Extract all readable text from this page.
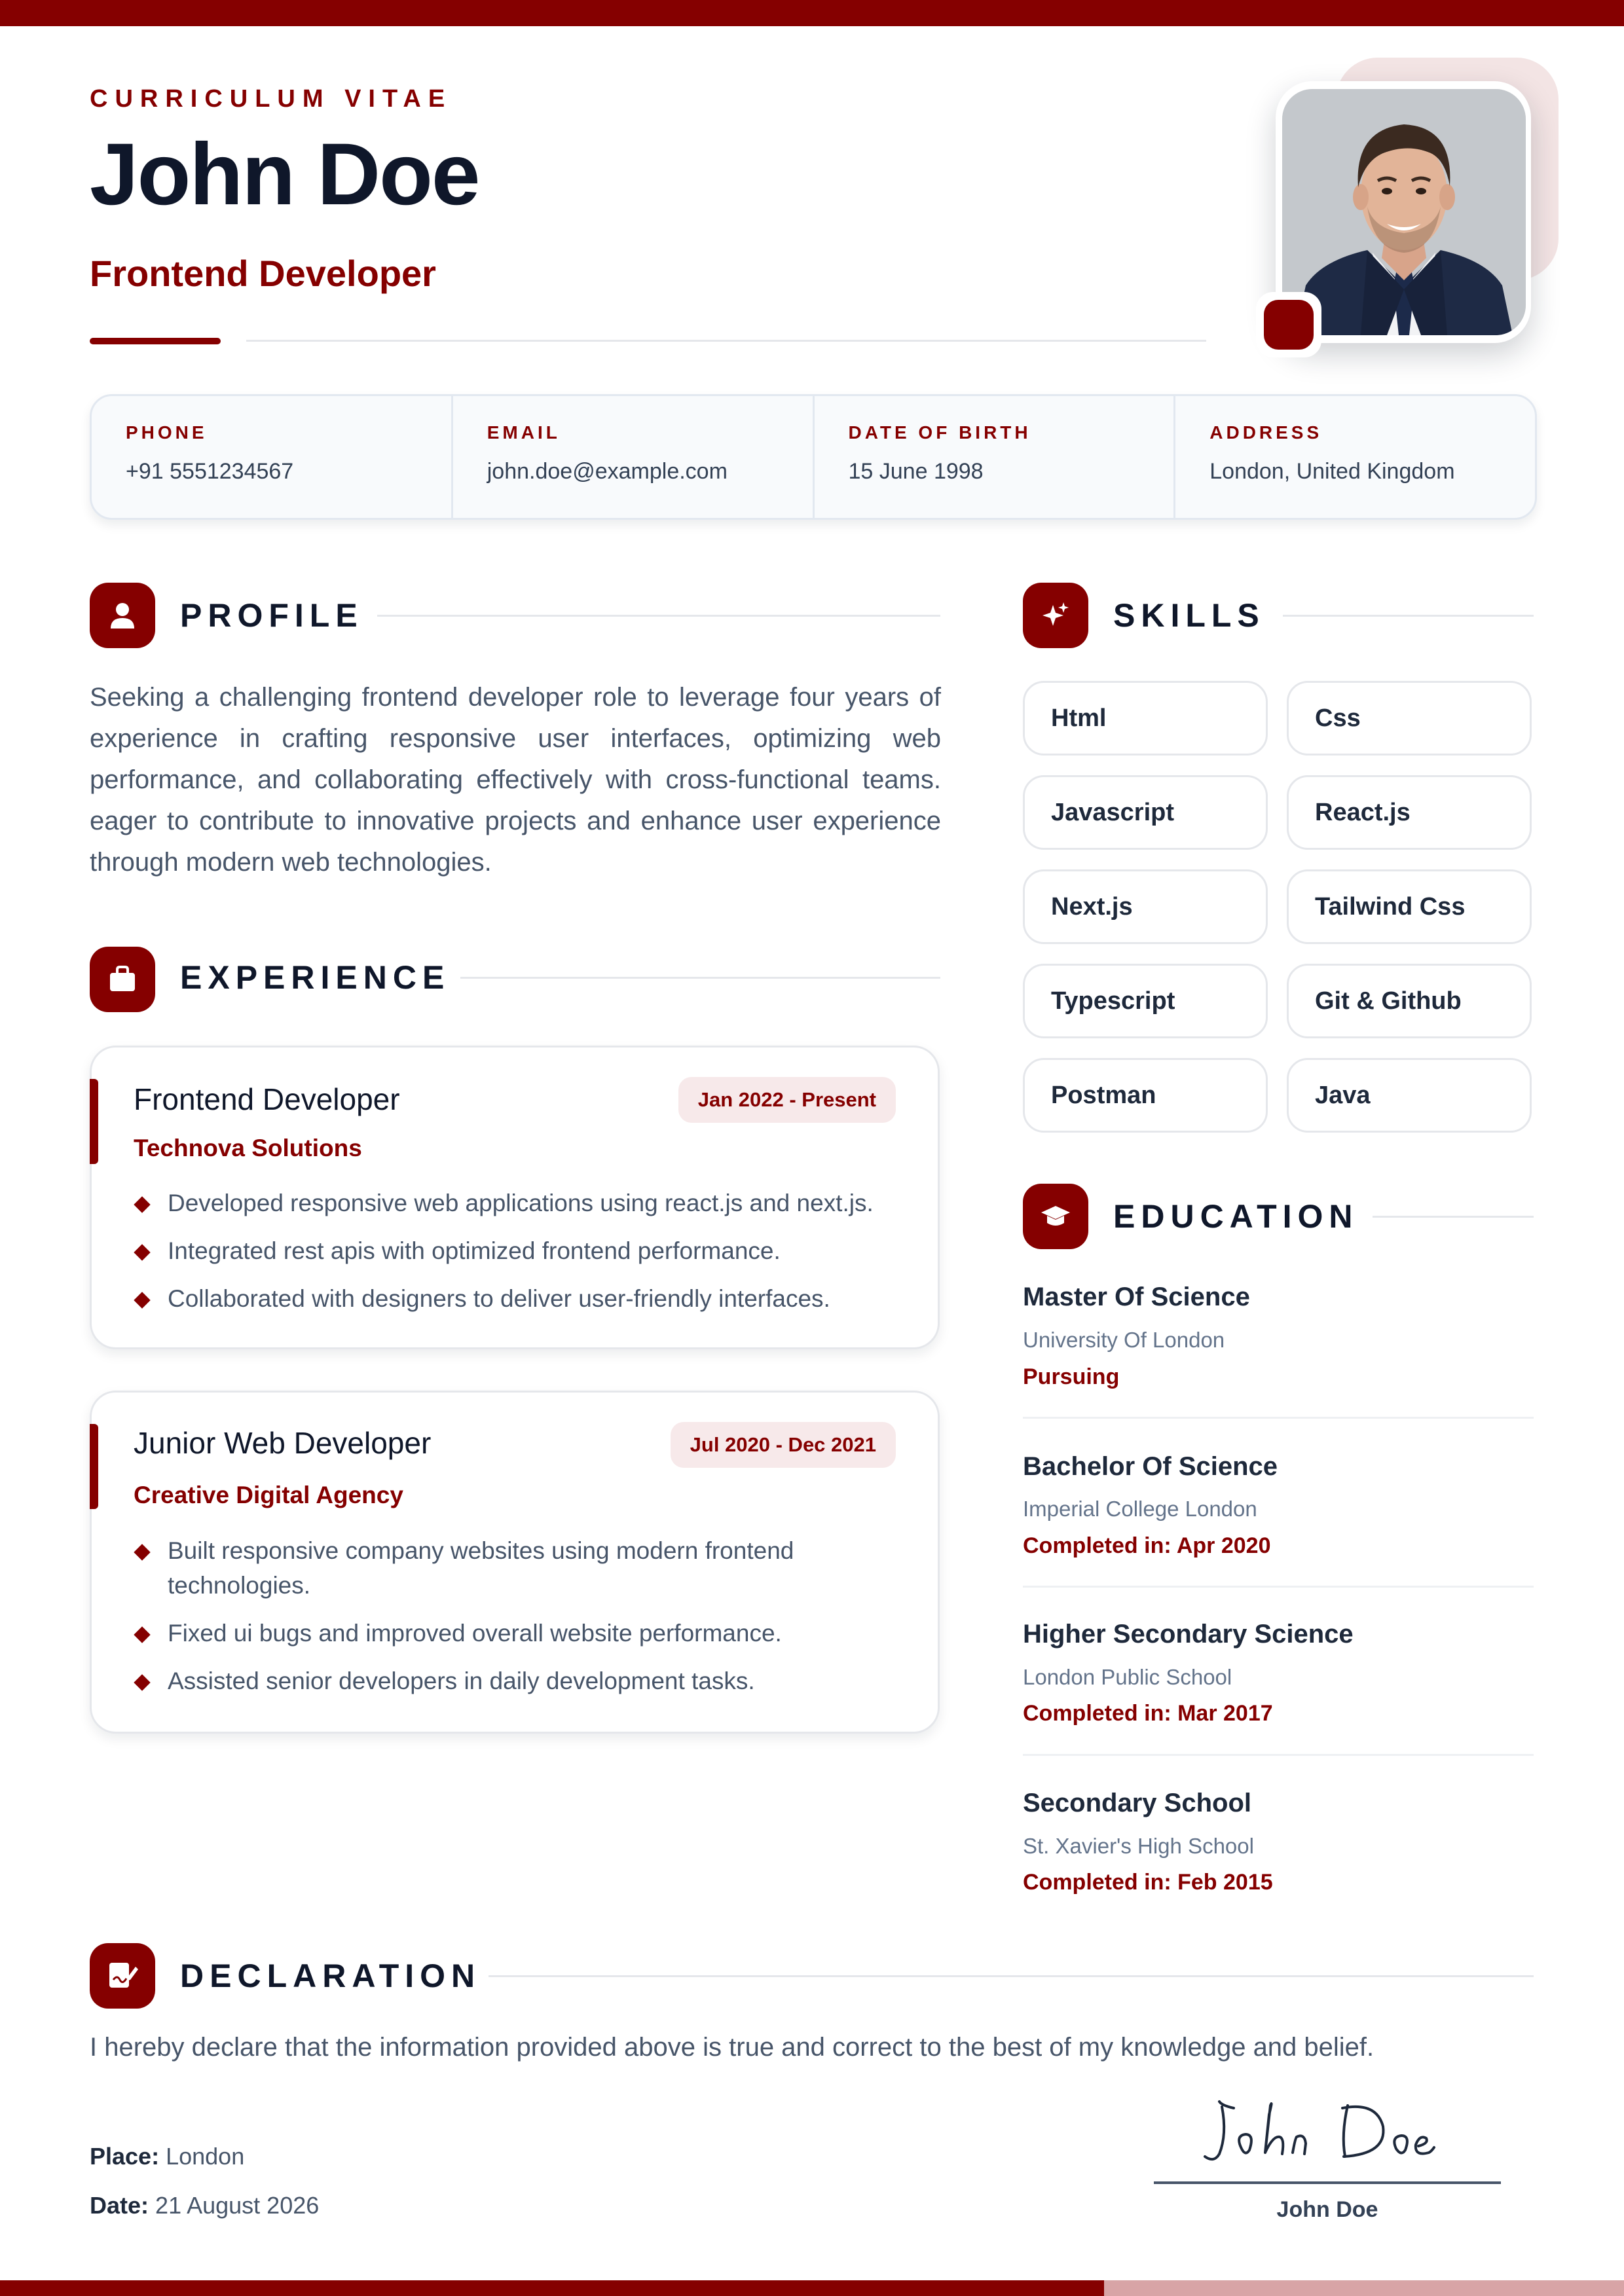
CURRICULUM VITAE
John Doe
Frontend Developer
PHONE
+91 5551234567
EMAIL
john.doe@example.com
DATE OF BIRTH
15 June 1998
ADDRESS
London, United Kingdom
PROFILE
Seeking a challenging frontend developer role to leverage four years of experience in crafting responsive user interfaces, optimizing web performance, and collaborating effectively with cross-functional teams. eager to contribute to innovative projects and enhance user experience through modern web technologies.
EXPERIENCE
Frontend Developer	Jan 2022 - Present
Technova Solutions
Developed responsive web applications using react.js and next.js.
Integrated rest apis with optimized frontend performance.
Collaborated with designers to deliver user-friendly interfaces.
Junior Web Developer	Jul 2020 - Dec 2021
Creative Digital Agency
Built responsive company websites using modern frontend technologies.
Fixed ui bugs and improved overall website performance.
Assisted senior developers in daily development tasks.
SKILLS
Html	Css
Javascript	React.js
Next.js	Tailwind Css
Typescript	Git & Github
Postman	Java
EDUCATION
Master Of Science
University Of London
Pursuing
Bachelor Of Science
Imperial College London
Completed in: Apr 2020
Higher Secondary Science
London Public School
Completed in: Mar 2017
Secondary School
St. Xavier's High School
Completed in: Feb 2015
DECLARATION
I hereby declare that the information provided above is true and correct to the best of my knowledge and belief.
Place: London
Date: 21 August 2026	John Doe
